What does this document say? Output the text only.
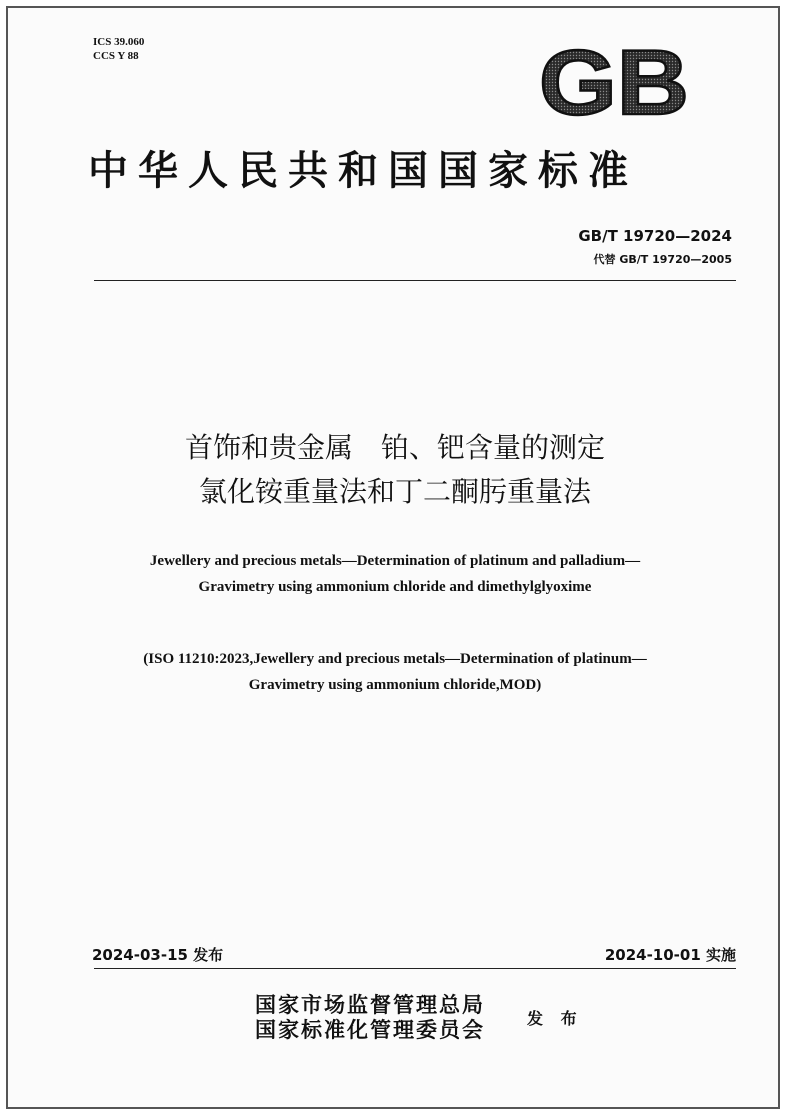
ICS 39.060
CCS Y 88	GB
中华人民共和国国家标准
GB/T 19720—2024
代替 GB/T 19720—2005
首饰和贵金属　铂、钯含量的测定
氯化铵重量法和丁二酮肟重量法
Jewellery and precious metals—Determination of platinum and palladium—
Gravimetry using ammonium chloride and dimethylglyoxime
(ISO 11210:2023,Jewellery and precious metals—Determination of platinum—
Gravimetry using ammonium chloride,MOD)
2024-03-15 发布	2024-10-01 实施
国家市场监督管理总局
国家标准化管理委员会	发 布
